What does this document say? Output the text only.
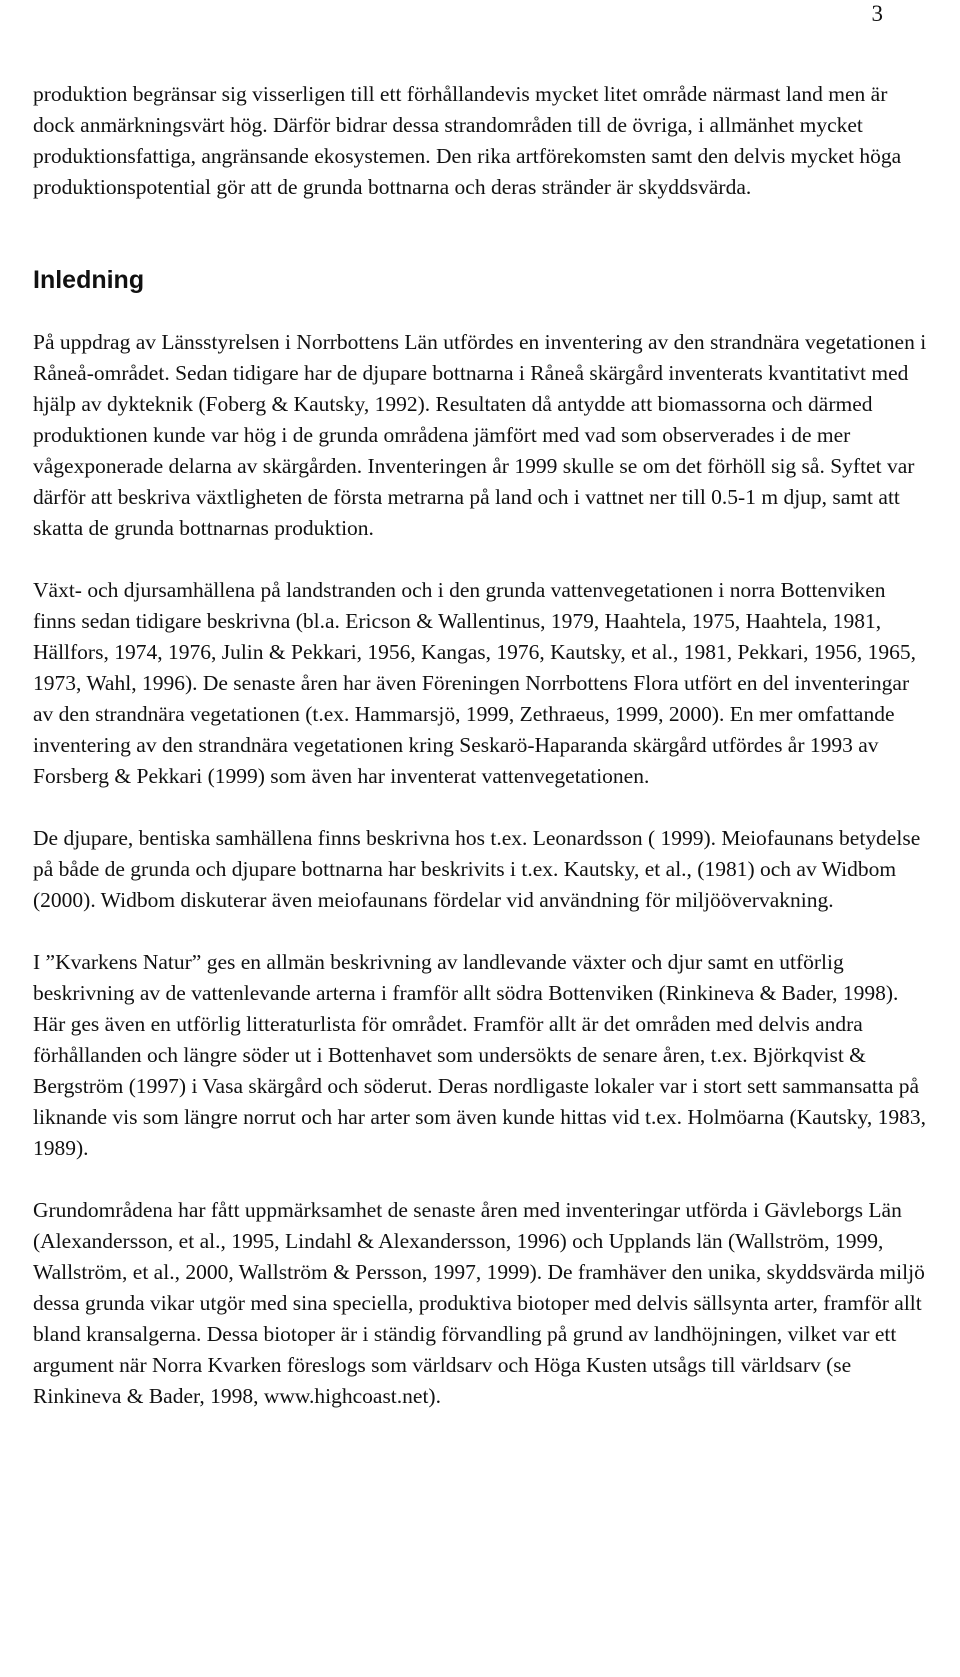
3

produktion begränsar sig visserligen till ett förhållandevis mycket litet område närmast land men är dock anmärkningsvärt hög. Därför bidrar dessa strandområden till de övriga, i allmänhet mycket produktionsfattiga, angränsande ekosystemen. Den rika artförekomsten samt den delvis mycket höga produktionspotential gör att de grunda bottnarna och deras stränder är skyddsvärda.

Inledning

På uppdrag av Länsstyrelsen i Norrbottens Län utfördes en inventering av den strandnära vegetationen i Råneå-området. Sedan tidigare har de djupare bottnarna i Råneå skärgård inventerats kvantitativt med hjälp av dykteknik (Foberg & Kautsky, 1992). Resultaten då antydde att biomassorna och därmed produktionen kunde var hög i de grunda områdena jämfört med vad som observerades i de mer vågexponerade delarna av skärgården. Inventeringen år 1999 skulle se om det förhöll sig så. Syftet var därför att beskriva växtligheten de första metrarna på land och i vattnet ner till 0.5-1 m djup, samt att skatta de grunda bottnarnas produktion.

Växt- och djursamhällena på landstranden och i den grunda vattenvegetationen i norra Bottenviken finns sedan tidigare beskrivna (bl.a. Ericson & Wallentinus, 1979, Haahtela, 1975, Haahtela, 1981, Hällfors, 1974, 1976, Julin & Pekkari, 1956, Kangas, 1976, Kautsky, et al., 1981, Pekkari, 1956, 1965, 1973, Wahl, 1996). De senaste åren har även Föreningen Norrbottens Flora utfört en del inventeringar av den strandnära vegetationen (t.ex. Hammarsjö, 1999, Zethraeus, 1999, 2000). En mer omfattande inventering av den strandnära vegetationen kring Seskarö-Haparanda skärgård utfördes år 1993 av Forsberg & Pekkari (1999) som även har inventerat vattenvegetationen.

De djupare, bentiska samhällena finns beskrivna hos t.ex. Leonardsson ( 1999). Meiofaunans betydelse på både de grunda och djupare bottnarna har beskrivits i t.ex. Kautsky, et al., (1981) och av Widbom (2000). Widbom diskuterar även meiofaunans fördelar vid användning för miljöövervakning.

I ”Kvarkens Natur” ges en allmän beskrivning av landlevande växter och djur samt en utförlig beskrivning av de vattenlevande arterna i framför allt södra Bottenviken (Rinkineva & Bader, 1998). Här ges även en utförlig litteraturlista för området. Framför allt är det områden med delvis andra förhållanden och längre söder ut i Bottenhavet som undersökts de senare åren, t.ex. Björkqvist & Bergström (1997) i Vasa skärgård och söderut. Deras nordligaste lokaler var i stort sett sammansatta på liknande vis som längre norrut och har arter som även kunde hittas vid t.ex. Holmöarna (Kautsky, 1983, 1989).

Grundområdena har fått uppmärksamhet de senaste åren med inventeringar utförda i Gävleborgs Län (Alexandersson, et al., 1995, Lindahl & Alexandersson, 1996) och Upplands län (Wallström, 1999, Wallström, et al., 2000, Wallström & Persson, 1997, 1999). De framhäver den unika, skyddsvärda miljö dessa grunda vikar utgör med sina speciella, produktiva biotoper med delvis sällsynta arter, framför allt bland kransalgerna. Dessa biotoper är i ständig förvandling på grund av landhöjningen, vilket var ett argument när Norra Kvarken föreslogs som världsarv och Höga Kusten utsågs till världsarv (se Rinkineva & Bader, 1998, www.highcoast.net).
